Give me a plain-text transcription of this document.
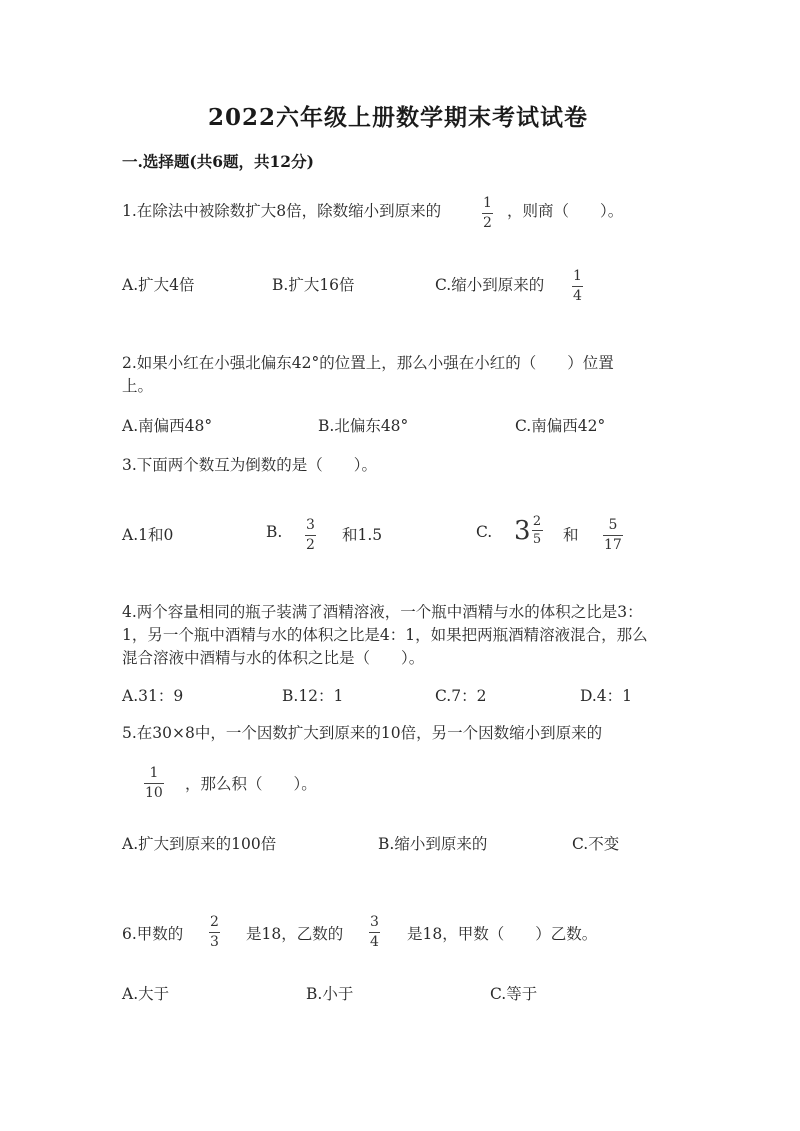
2022六年级上册数学期末考试试卷
一.选择题(共6题，共12分)
1.在除法中被除数扩大8倍，除数缩小到原来的	1
2
，则商（　　）。
A.扩大4倍	B.扩大16倍	C.缩小到原来的 1
4
2.如果小红在小强北偏东42°的位置上，那么小强在小红的（　　）位置
上。
A.南偏西48°	B.北偏东48°	C.南偏西42°
3.下面两个数互为倒数的是（　　）。
A.1和0	B. 3
2
和1.5	C. $3 \frac{2}{5}$ 和
5
17
4.两个容量相同的瓶子装满了酒精溶液，一个瓶中酒精与水的体积之比是3：
1，另一个瓶中酒精与水的体积之比是4：1，如果把两瓶酒精溶液混合，那么
混合溶液中酒精与水的体积之比是（　　）。
A.31：9	B.12：1	C.7：2	D.4：1
5.在30×8中，一个因数扩大到原来的10倍，另一个因数缩小到原来的
1
10 ，那么积（　　）。
A.扩大到原来的100倍	B.缩小到原来的	C.不变
6.甲数的
2
3 是18，乙数的
3
4 是18，甲数（　　）乙数。
A.大于	B.小于	C.等于
